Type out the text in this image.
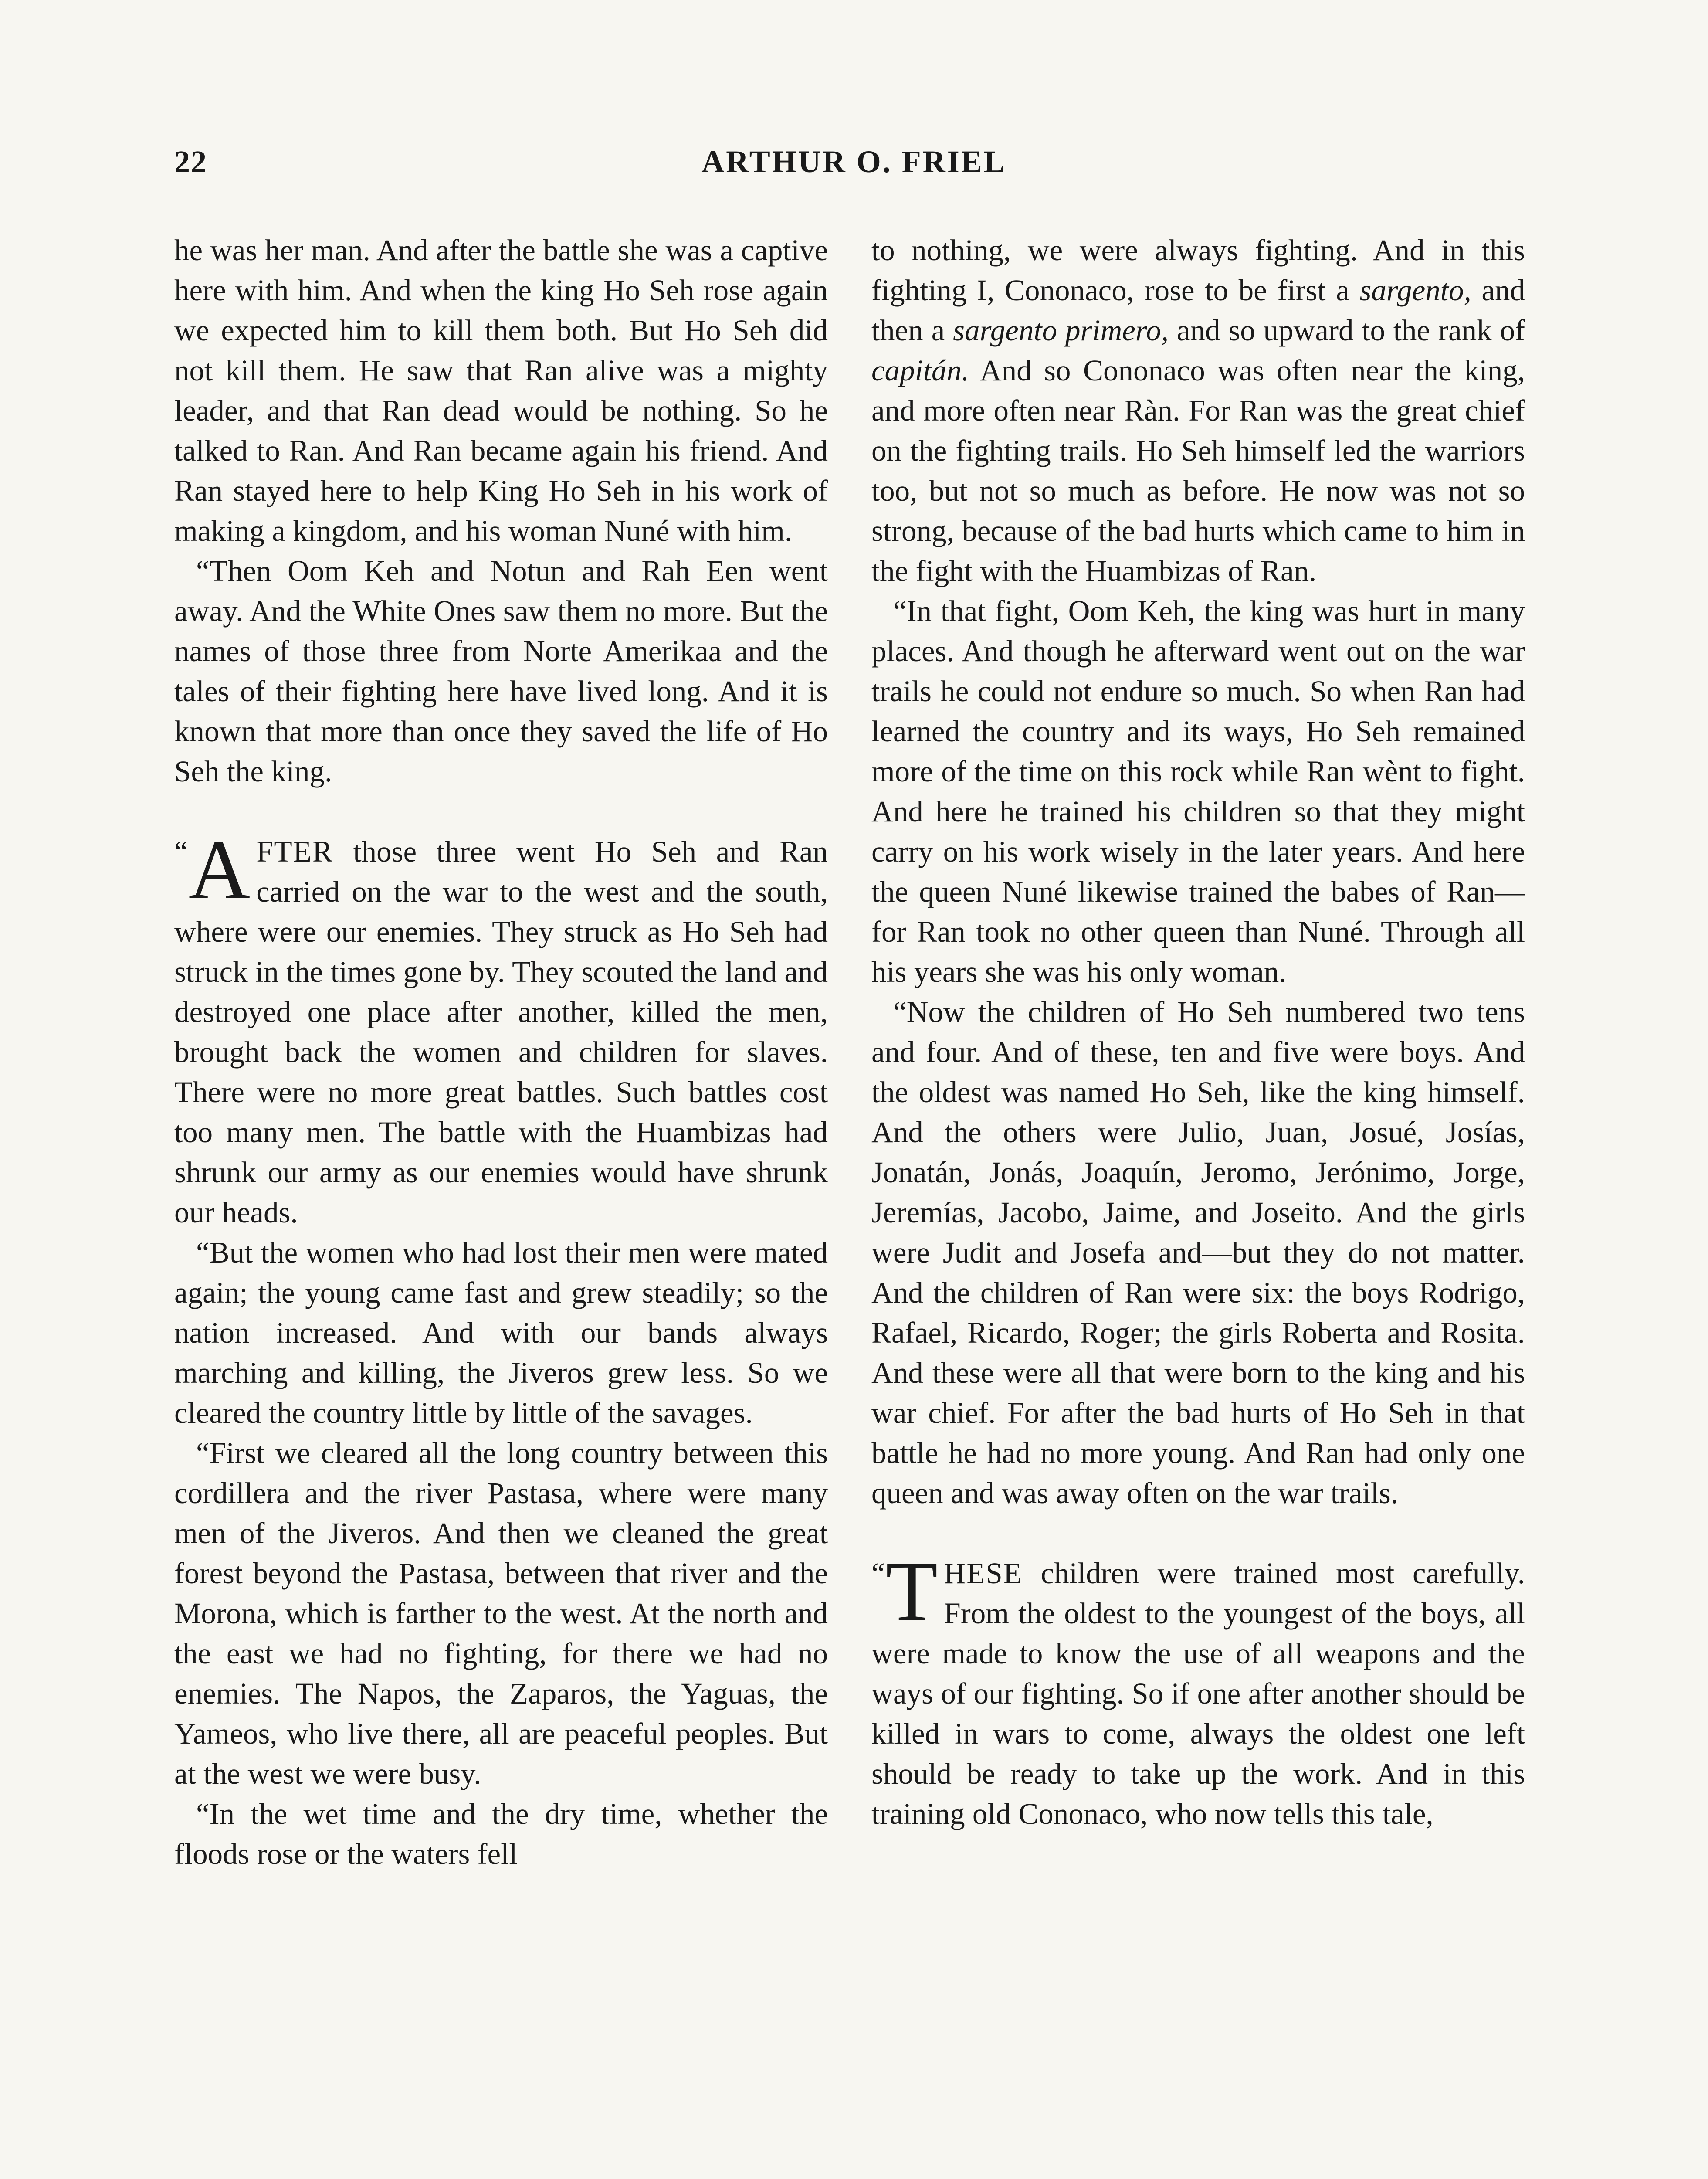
22	ARTHUR O. FRIEL

he was her man. And after the battle she was a captive here with him. And when the king Ho Seh rose again we expected him to kill them both. But Ho Seh did not kill them. He saw that Ran alive was a mighty leader, and that Ran dead would be nothing. So he talked to Ran. And Ran became again his friend. And Ran stayed here to help King Ho Seh in his work of making a kingdom, and his woman Nuné with him.

“Then Oom Keh and Notun and Rah Een went away. And the White Ones saw them no more. But the names of those three from Norte Amerikaa and the tales of their fighting here have lived long. And it is known that more than once they saved the life of Ho Seh the king.

“ A FTER those three went Ho Seh and Ran carried on the war to the west and the south, where were our enemies. They struck as Ho Seh had struck in the times gone by. They scouted the land and destroyed one place after another, killed the men, brought back the women and children for slaves. There were no more great battles. Such battles cost too many men. The battle with the Huambizas had shrunk our army as our enemies would have shrunk our heads.

“But the women who had lost their men were mated again; the young came fast and grew steadily; so the nation increased. And with our bands always marching and killing, the Jiveros grew less. So we cleared the country little by little of the savages.

“First we cleared all the long country between this cordillera and the river Pastasa, where were many men of the Jiveros. And then we cleaned the great forest beyond the Pastasa, between that river and the Morona, which is farther to the west. At the north and the east we had no fighting, for there we had no enemies. The Napos, the Zaparos, the Yaguas, the Yameos, who live there, all are peaceful peoples. But at the west we were busy.

“In the wet time and the dry time, whether the floods rose or the waters fell

to nothing, we were always fighting. And in this fighting I, Cononaco, rose to be first a sargento, and then a sargento primero, and so upward to the rank of capitán. And so Cononaco was often near the king, and more often near Ràn. For Ran was the great chief on the fighting trails. Ho Seh himself led the warriors too, but not so much as before. He now was not so strong, because of the bad hurts which came to him in the fight with the Huambizas of Ran.

“In that fight, Oom Keh, the king was hurt in many places. And though he afterward went out on the war trails he could not endure so much. So when Ran had learned the country and its ways, Ho Seh remained more of the time on this rock while Ran wènt to fight. And here he trained his children so that they might carry on his work wisely in the later years. And here the queen Nuné likewise trained the babes of Ran—for Ran took no other queen than Nuné. Through all his years she was his only woman.

“Now the children of Ho Seh numbered two tens and four. And of these, ten and five were boys. And the oldest was named Ho Seh, like the king himself. And the others were Julio, Juan, Josué, Josías, Jonatán, Jonás, Joaquín, Jeromo, Jerónimo, Jorge, Jeremías, Jacobo, Jaime, and Joseito. And the girls were Judit and Josefa and—but they do not matter. And the children of Ran were six: the boys Rodrigo, Rafael, Ricardo, Roger; the girls Roberta and Rosita. And these were all that were born to the king and his war chief. For after the bad hurts of Ho Seh in that battle he had no more young. And Ran had only one queen and was away often on the war trails.

“ T HESE children were trained most carefully. From the oldest to the youngest of the boys, all were made to know the use of all weapons and the ways of our fighting. So if one after another should be killed in wars to come, always the oldest one left should be ready to take up the work. And in this training old Cononaco, who now tells this tale,
